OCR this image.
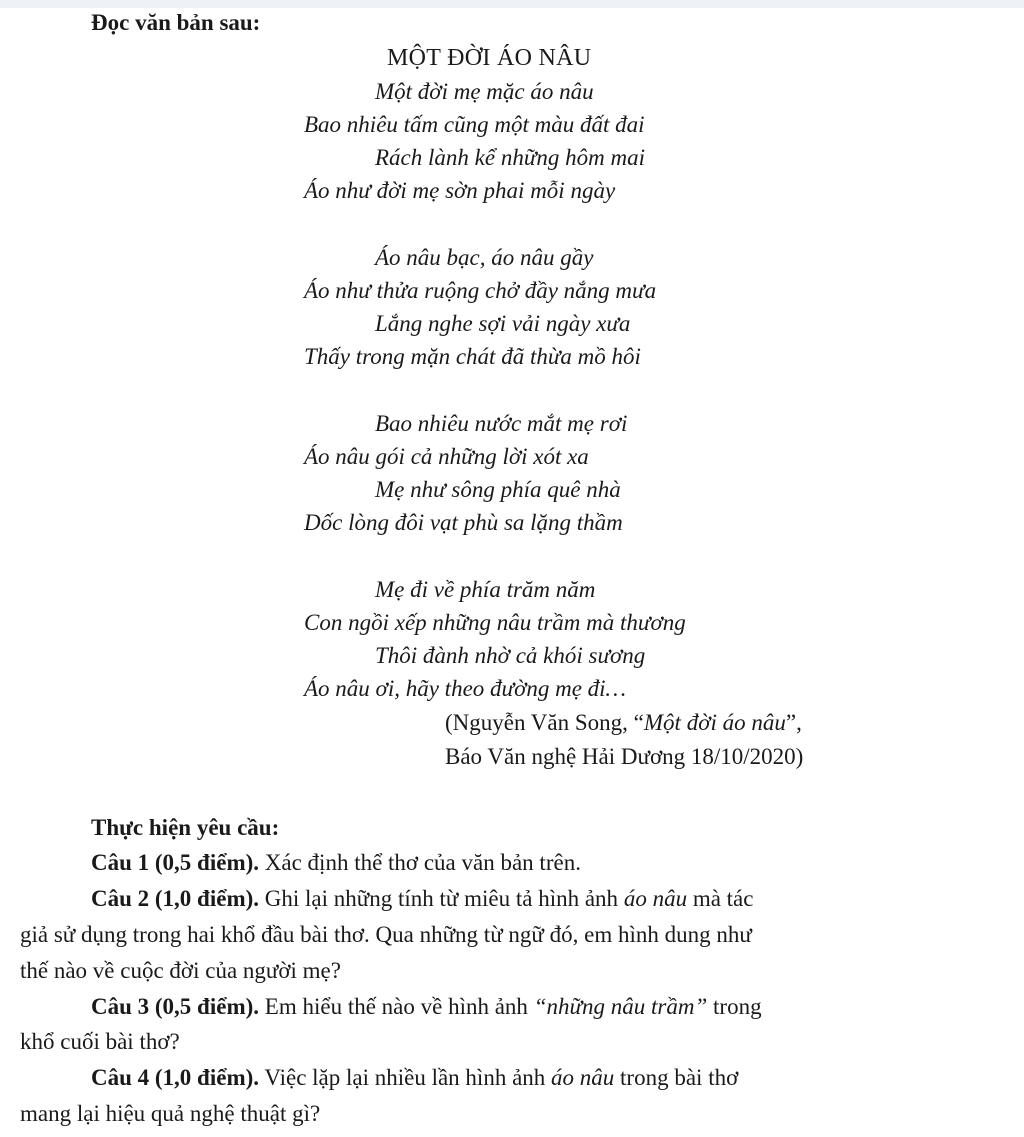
Đọc văn bản sau:
MỘT ĐỜI ÁO NÂU
Một đời mẹ mặc áo nâu
Bao nhiêu tấm cũng một màu đất đai
Rách lành kể những hôm mai
Áo như đời mẹ sờn phai mỗi ngày
Áo nâu bạc, áo nâu gầy
Áo như thửa ruộng chở đầy nắng mưa
Lắng nghe sợi vải ngày xưa
Thấy trong mặn chát đã thừa mồ hôi
Bao nhiêu nước mắt mẹ rơi
Áo nâu gói cả những lời xót xa
Mẹ như sông phía quê nhà
Dốc lòng đôi vạt phù sa lặng thầm
Mẹ đi về phía trăm năm
Con ngồi xếp những nâu trầm mà thương
Thôi đành nhờ cả khói sương
Áo nâu ơi, hãy theo đường mẹ đi…
(Nguyễn Văn Song, “Một đời áo nâu”,
Báo Văn nghệ Hải Dương 18/10/2020)
Thực hiện yêu cầu:
Câu 1 (0,5 điểm). Xác định thể thơ của văn bản trên.
Câu 2 (1,0 điểm). Ghi lại những tính từ miêu tả hình ảnh áo nâu mà tác
giả sử dụng trong hai khổ đầu bài thơ. Qua những từ ngữ đó, em hình dung như
thế nào về cuộc đời của người mẹ?
Câu 3 (0,5 điểm). Em hiểu thế nào về hình ảnh “những nâu trầm” trong
khổ cuối bài thơ?
Câu 4 (1,0 điểm). Việc lặp lại nhiều lần hình ảnh áo nâu trong bài thơ
mang lại hiệu quả nghệ thuật gì?
